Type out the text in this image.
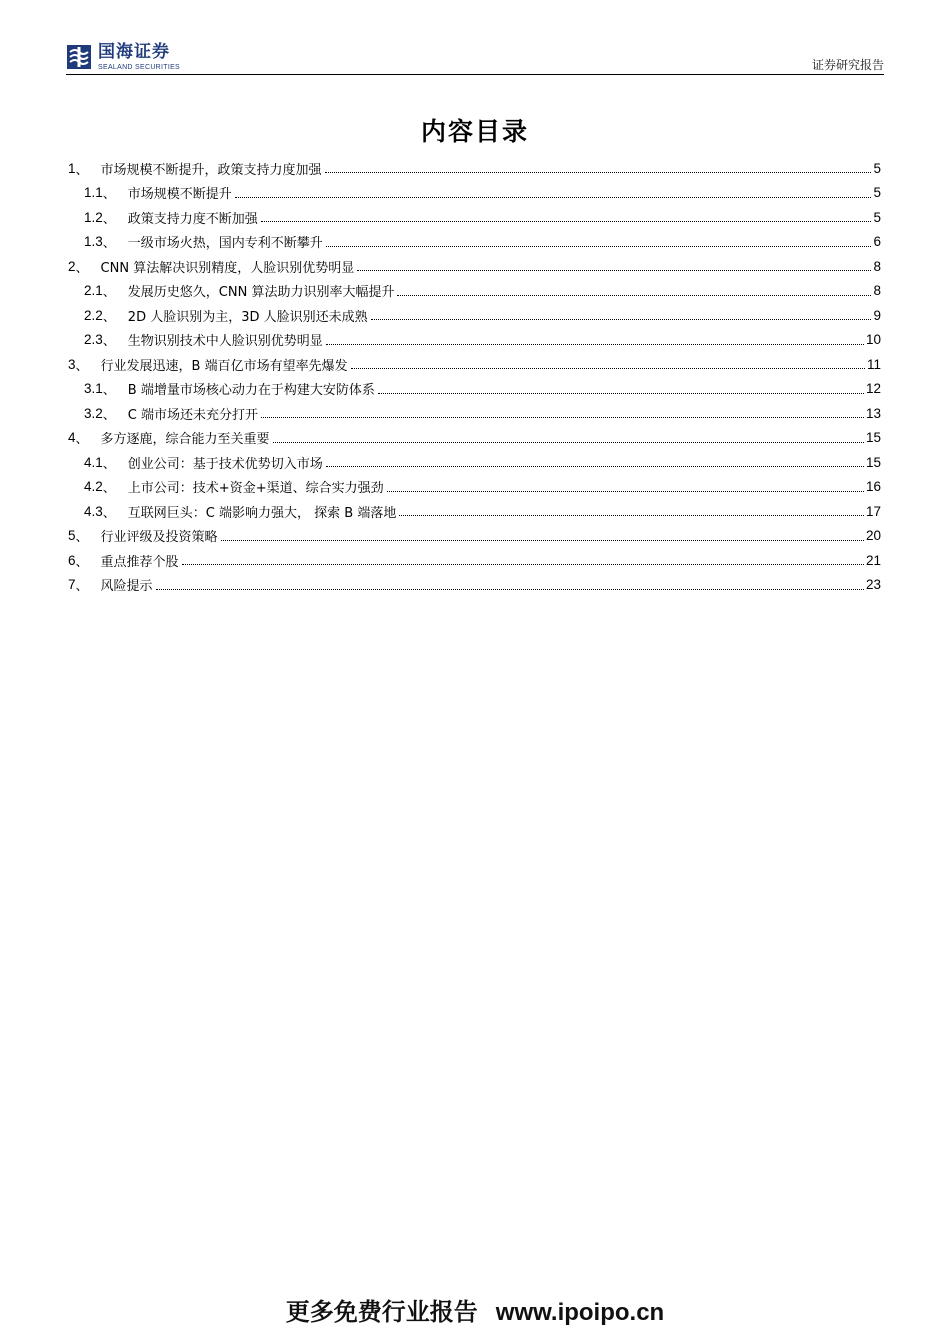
国海证券
SEALAND SECURITIES	证券研究报告
内容目录
1 、 市场规模不断提升，政策支持力度加强	5
1.1 、 市场规模不断提升	5
1.2 、 政策支持力度不断加强	5
1.3 、 一级市场火热，国内专利不断攀升	6
2 、 CNN 算法解决识别精度，人脸识别优势明显	8
2.1 、 发展历史悠久，CNN 算法助力识别率大幅提升	8
2.2 、 2D 人脸识别为主，3D 人脸识别还未成熟	9
2.3 、 生物识别技术中人脸识别优势明显	10
3 、 行业发展迅速，B 端百亿市场有望率先爆发	11
3.1 、 B 端增量市场核心动力在于构建大安防体系	12
3.2 、 C 端市场还未充分打开	13
4 、 多方逐鹿，综合能力至关重要	15
4.1 、 创业公司：基于技术优势切入市场	15
4.2 、 上市公司：技术+资金+渠道、综合实力强劲	16
4.3 、 互联网巨头：C 端影响力强大， 探索 B 端落地	17
5 、 行业评级及投资策略	20
6 、 重点推荐个股	21
7 、 风险提示	23
更多免费行业报告 www.ipoipo.cn
